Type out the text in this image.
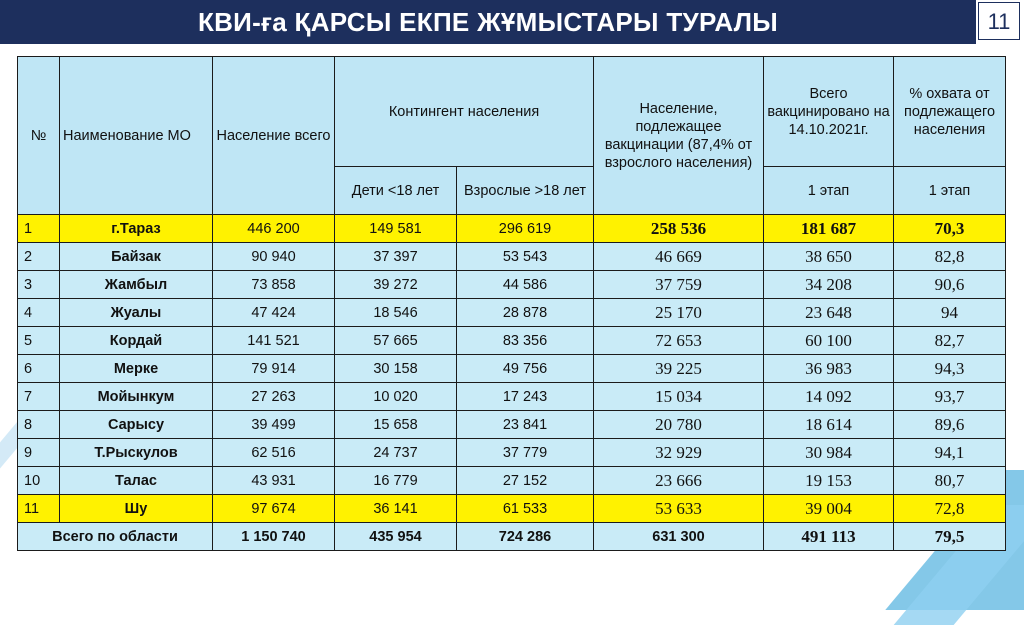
КВИ-ға ҚАРСЫ ЕКПЕ ЖҰМЫСТАРЫ ТУРАЛЫ	11
№	Наименование МО	Население всего	Контингент населения		Население, подлежащее вакцинации (87,4% от взрослого населения)	Всего вакцинировано на 14.10.2021г.	% охвата от подлежащего населения
			Дети <18 лет	Взрослые >18 лет		1 этап	1 этап
1	г.Тараз	446 200	149 581	296 619	258 536	181 687	70,3
2	Байзак	90 940	37 397	53 543	46 669	38 650	82,8
3	Жамбыл	73 858	39 272	44 586	37 759	34 208	90,6
4	Жуалы	47 424	18 546	28 878	25 170	23 648	94
5	Кордай	141 521	57 665	83 356	72 653	60 100	82,7
6	Мерке	79 914	30 158	49 756	39 225	36 983	94,3
7	Мойынкум	27 263	10 020	17 243	15 034	14 092	93,7
8	Сарысу	39 499	15 658	23 841	20 780	18 614	89,6
9	Т.Рыскулов	62 516	24 737	37 779	32 929	30 984	94,1
10	Талас	43 931	16 779	27 152	23 666	19 153	80,7
11	Шу	97 674	36 141	61 533	53 633	39 004	72,8
Всего по области		1 150 740	435 954	724 286	631 300	491 113	79,5
